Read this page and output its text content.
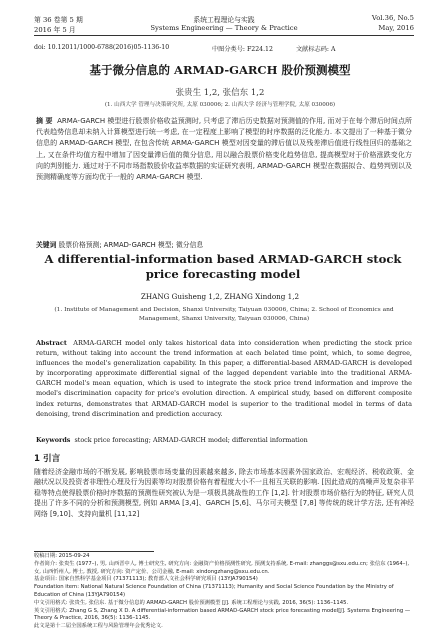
第 36 卷第 5 期	系统工程理论与实践	Vol.36, No.5
2016 年 5 月	Systems Engineering — Theory & Practice	May, 2016
doi: 10.12011/1000-6788(2016)05-1136-10	中图分类号: F224.12	文献标志码: A
基于微分信息的 ARMAD-GARCH 股价预测模型
张贵生 1,2, 张信东 1,2
(1. 山西大学 管理与决策研究所, 太原 030006; 2. 山西大学 经济与管理学院, 太原 030006)
摘 要 ARMA-GARCH 模型进行股票价格收益预测时, 只考虑了滞后历史数据对预测值的作用, 而对于在每个滞后时间点所代表趋势信息却未纳入计算模型进行统一考虑, 在一定程度上影响了模型的时序数据的泛化能力. 本文提出了一种基于微分信息的 ARMAD-GARCH 模型, 在包含传统 ARMA-GARCH 模型对因变量的滞后值以及残差滞后值进行线性回归的基础之上, 又在条件均值方程中增加了因变量滞后值的微分信息, 用以融合股票价格变化趋势信息, 提高模型对于价格涨跌变化方向的判别能力. 通过对于不同市场指数股价收益率数据的实证研究表明, ARMAD-GARCH 模型在数据拟合、趋势判别以及预测精确度等方面均优于一般的 ARMA-GARCH 模型.
关键词 股票价格预测; ARMAD-GARCH 模型; 微分信息
A differential-information based ARMAD-GARCH stock price forecasting model
ZHANG Guisheng 1,2, ZHANG Xindong 1,2
(1. Institute of Management and Decision, Shanxi University, Taiyuan 030006, China; 2. School of Economics and Management, Shanxi University, Taiyuan 030006, China)
Abstract ARMA-GARCH model only takes historical data into consideration when predicting the stock price return, without taking into account the trend information at each belated time point, which, to some degree, influences the model's generalization capability. In this paper, a differential-based ARMAD-GARCH is developed by incorporating approximate differential signal of the lagged dependent variable into the traditional ARMA-GARCH model's mean equation, which is used to integrate the stock price trend information and improve the model's discrimination capacity for price's evolution direction. A empirical study, based on different composite index returns, demonstrates that ARMAD-GARCH model is superior to the traditional model in terms of data denoising, trend discrimination and prediction accuracy.
Keywords stock price forecasting; ARMAD-GARCH model; differential information
1 引言
随着经济金融市场的不断发展, 影响股票市场变量的因素越来越多, 除去市场基本因素外国家政治、宏观经济、税收政策、金融状况以及投资者非理性心理及行为因素等均对股票价格有着程度大小不一且相互关联的影响. [因此造成的高噪声及复杂非平稳等特点使得股票价格时序数据的预测性研究被认为是一项极具挑战性的工作 [1,2]. 针对股票市场价格行为的特征, 研究人员提出了许多不同的分析和预测模型, 例如 ARMA [3,4]、GARCH [5,6]、马尔可夫模型 [7,8] 等传统的统计学方法, 还有神经网络 [9,10]、支持向量机 [11,12]

收稿日期: 2015-09-24

作者简介: 张贵生 (1977–), 男, 山西晋中人, 博士研究生, 研究方向: 金融资产价格预测性研究, 预测支持系统, E-mail: zhanggs@sxu.edu.cn; 张信东 (1964–), 女, 山西忻州人, 博士, 教授, 研究方向: 资产定价、公司金融, E-mail: xindongzhang@sxu.edu.cn.

基金项目: 国家自然科学基金项目 (71371113); 教育部人文社会科学研究项目 (13YJA790154)

Foundation item: National Natural Science Foundation of China (71371113); Humanity and Social Science Foundation by the Ministry of Education of China (13YJA790154)

中文引用格式: 张贵生, 张信东. 基于微分信息的 ARMAD-GARCH 股价预测模型 [J]. 系统工程理论与实践, 2016, 36(5): 1136–1145.

英文引用格式: Zhang G S, Zhang X D. A differential-information based ARMAD-GARCH stock price forecasting model[J]. Systems Engineering — Theory & Practice, 2016, 36(5): 1136–1145.

此文是第十二届全国系统工程与风险管理年会优秀论文.
